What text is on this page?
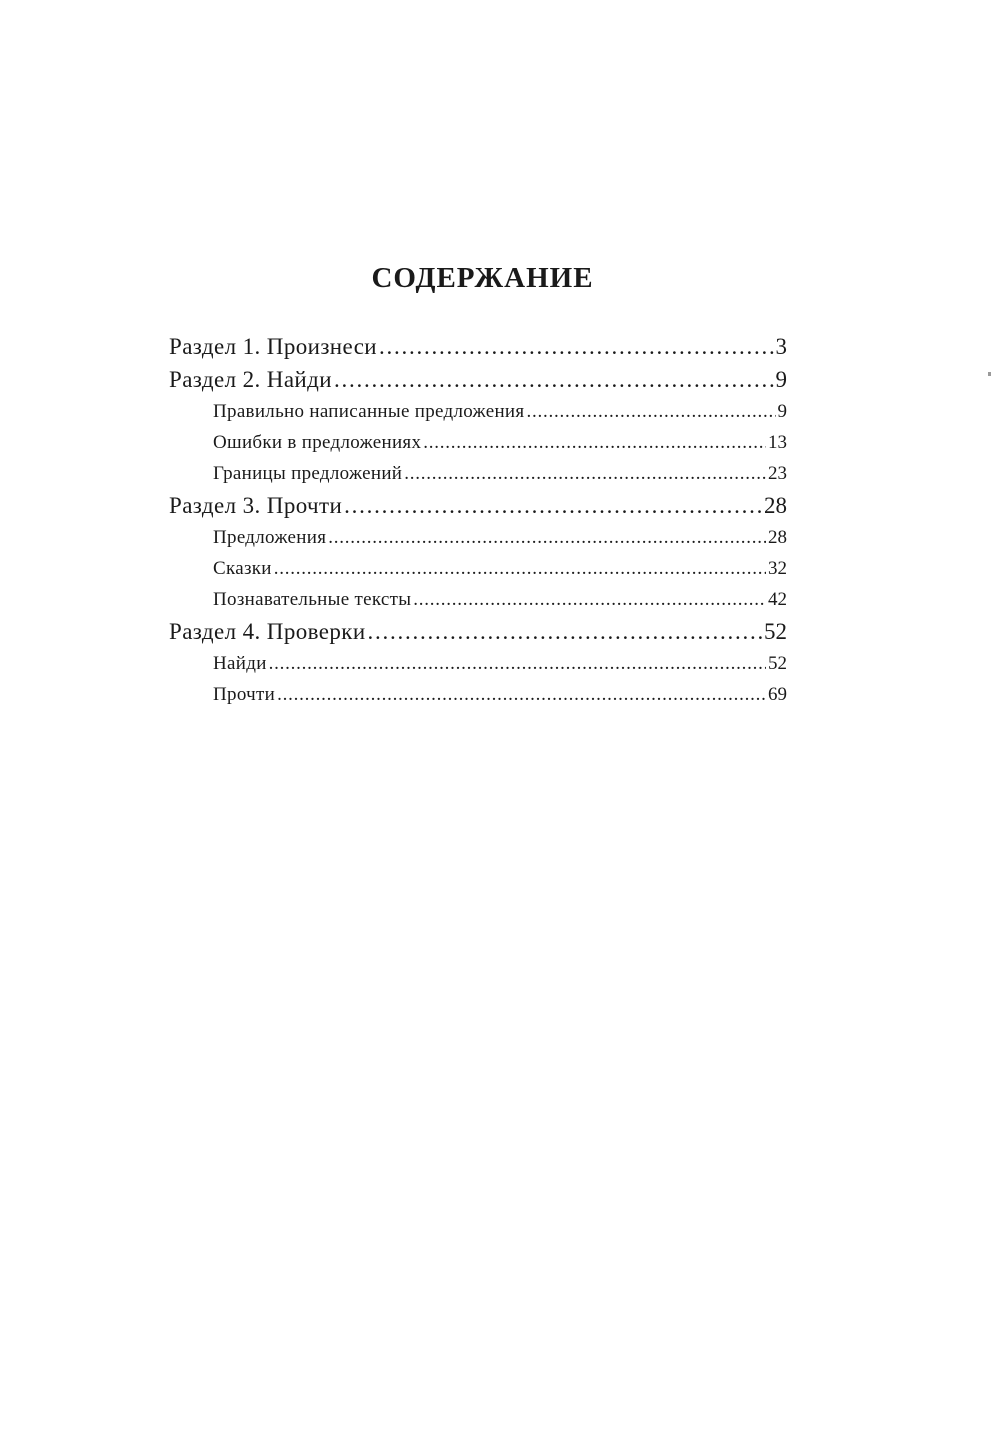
СОДЕРЖАНИЕ
Раздел 1. Произнеси . . .	3
Раздел 2. Найди . . .	9
Правильно написанные предложения . . .	9
Ошибки в предложениях . . .	13
Границы предложений . . .	23
Раздел 3. Прочти . . .	28
Предложения . . .	28
Сказки . . .	32
Познавательные тексты . . .	42
Раздел 4. Проверки . . .	52
Найди . . .	52
Прочти . . .	69
